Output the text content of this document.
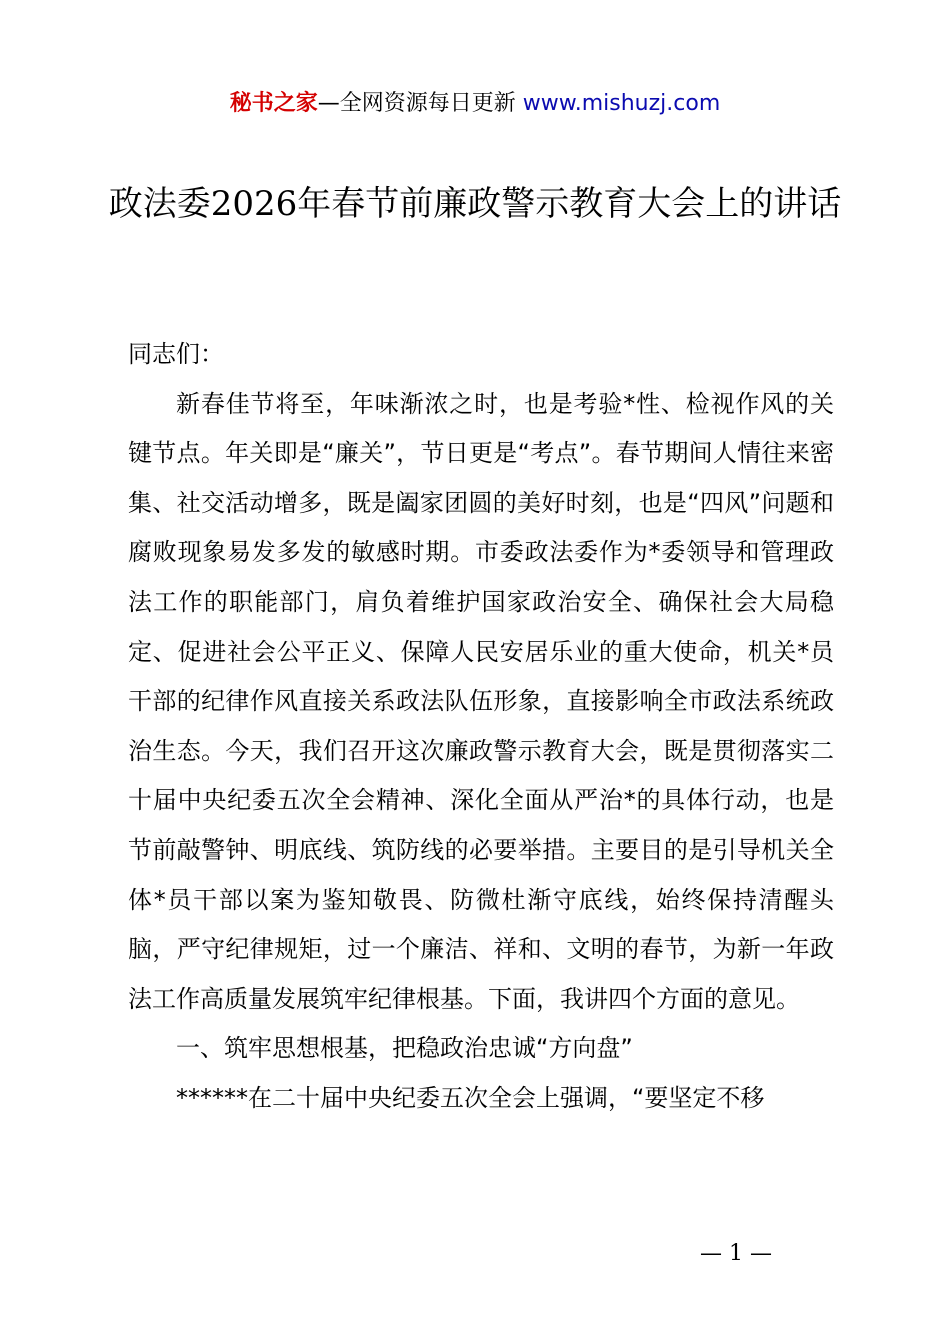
秘书之家—全网资源每日更新 www.mishuzj.com
政法委2026年春节前廉政警示教育大会上的讲话

同志们：

新春佳节将至，年味渐浓之时，也是考验*性、检视作风的关键节点。年关即是“廉关”，节日更是“考点”。春节期间人情往来密集、社交活动增多，既是阖家团圆的美好时刻，也是“四风”问题和腐败现象易发多发的敏感时期。市委政法委作为*委领导和管理政法工作的职能部门，肩负着维护国家政治安全、确保社会大局稳定、促进社会公平正义、保障人民安居乐业的重大使命，机关*员干部的纪律作风直接关系政法队伍形象，直接影响全市政法系统政治生态。今天，我们召开这次廉政警示教育大会，既是贯彻落实二十届中央纪委五次全会精神、深化全面从严治*的具体行动，也是节前敲警钟、明底线、筑防线的必要举措。主要目的是引导机关全体*员干部以案为鉴知敬畏、防微杜渐守底线，始终保持清醒头脑，严守纪律规矩，过一个廉洁、祥和、文明的春节，为新一年政法工作高质量发展筑牢纪律根基。下面，我讲四个方面的意见。

一、筑牢思想根基，把稳政治忠诚“方向盘”

******在二十届中央纪委五次全会上强调，“要坚定不移

— 1 —
